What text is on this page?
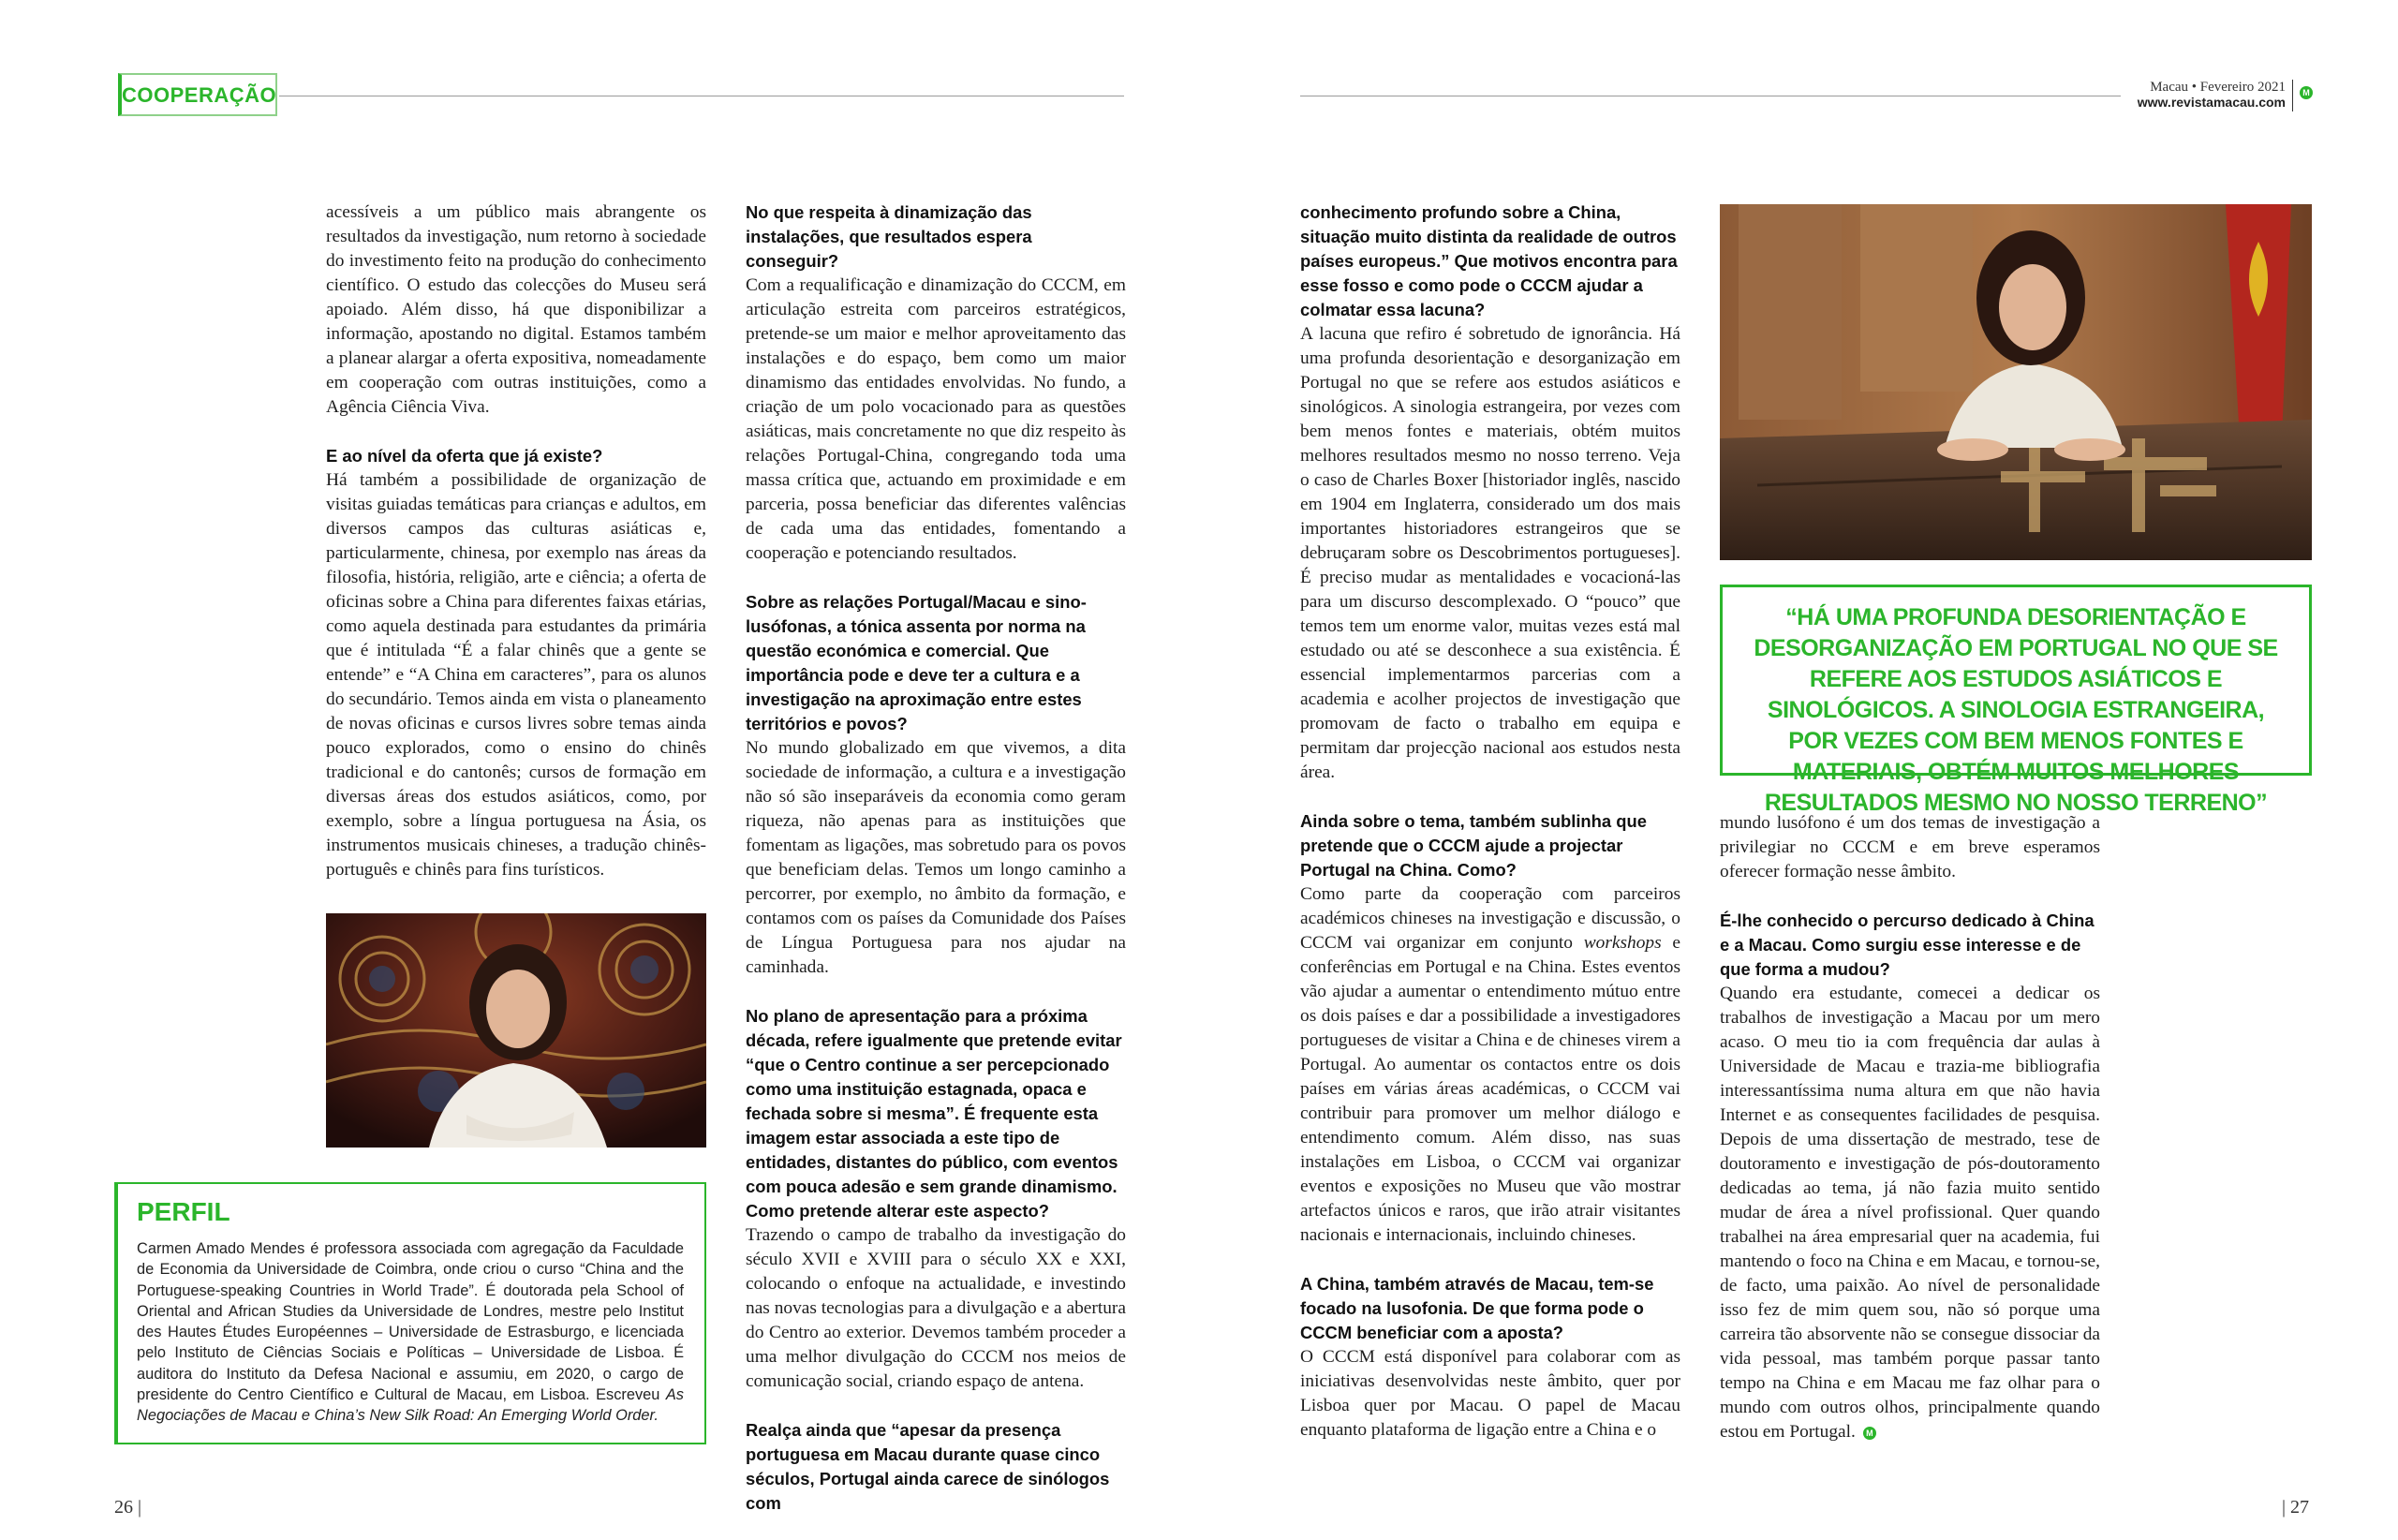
COOPERAÇÃO	Macau • Fevereiro 2021
www.revistamacau.com
M

acessíveis a um público mais abrangente os resultados da investigação, num retorno à sociedade do investimento feito na produção do conhecimento científico. O estudo das colecções do Museu será apoiado. Além disso, há que disponibilizar a informação, apostando no digital. Estamos também a planear alargar a oferta expositiva, nomeadamente em cooperação com outras instituições, como a Agência Ciência Viva.

E ao nível da oferta que já existe?

Há também a possibilidade de organização de visitas guiadas temáticas para crianças e adultos, em diversos campos das culturas asiáticas e, particularmente, chinesa, por exemplo nas áreas da filosofia, história, religião, arte e ciência; a oferta de oficinas sobre a China para diferentes faixas etárias, como aquela destinada para estudantes da primária que é intitulada “É a falar chinês que a gente se entende” e “A China em caracteres”, para os alunos do secundário. Temos ainda em vista o planeamento de novas oficinas e cursos livres sobre temas ainda pouco explorados, como o ensino do chinês tradicional e do cantonês; cursos de formação em diversas áreas dos estudos asiáticos, como, por exemplo, sobre a língua portuguesa na Ásia, os instrumentos musicais chineses, a tradução chinês-português e chinês para fins turísticos.

No que respeita à dinamização das instalações, que resultados espera conseguir?

Com a requalificação e dinamização do CCCM, em articulação estreita com parceiros estratégicos, pretende-se um maior e melhor aproveitamento das instalações e do espaço, bem como um maior dinamismo das entidades envolvidas. No fundo, a criação de um polo vocacionado para as questões asiáticas, mais concretamente no que diz respeito às relações Portugal-China, congregando toda uma massa crítica que, actuando em proximidade e em parceria, possa beneficiar das diferentes valências de cada uma das entidades, fomentando a cooperação e potenciando resultados.

Sobre as relações Portugal/Macau e sino-lusófonas, a tónica assenta por norma na questão económica e comercial. Que importância pode e deve ter a cultura e a investigação na aproximação entre estes territórios e povos?

No mundo globalizado em que vivemos, a dita sociedade de informação, a cultura e a investigação não só são inseparáveis da economia como geram riqueza, não apenas para as instituições que fomentam as ligações, mas sobretudo para os povos que beneficiam delas. Temos um longo caminho a percorrer, por exemplo, no âmbito da formação, e contamos com os países da Comunidade dos Países de Língua Portuguesa para nos ajudar na caminhada.

No plano de apresentação para a próxima década, refere igualmente que pretende evitar “que o Centro continue a ser percepcionado como uma instituição estagnada, opaca e fechada sobre si mesma”. É frequente esta imagem estar associada a este tipo de entidades, distantes do público, com eventos com pouca adesão e sem grande dinamismo. Como pretende alterar este aspecto?

Trazendo o campo de trabalho da investigação do século XVII e XVIII para o século XX e XXI, colocando o enfoque na actualidade, e investindo nas novas tecnologias para a divulgação e a abertura do Centro ao exterior. Devemos também proceder a uma melhor divulgação do CCCM nos meios de comunicação social, criando espaço de antena.

Realça ainda que “apesar da presença portuguesa em Macau durante quase cinco séculos, Portugal ainda carece de sinólogos com

conhecimento profundo sobre a China, situação muito distinta da realidade de outros países europeus.” Que motivos encontra para esse fosso e como pode o CCCM ajudar a colmatar essa lacuna?

A lacuna que refiro é sobretudo de ignorância. Há uma profunda desorientação e desorganização em Portugal no que se refere aos estudos asiáticos e sinológicos. A sinologia estrangeira, por vezes com bem menos fontes e materiais, obtém muitos melhores resultados mesmo no nosso terreno. Veja o caso de Charles Boxer [historiador inglês, nascido em 1904 em Inglaterra, considerado um dos mais importantes historiadores estrangeiros que se debruçaram sobre os Descobrimentos portugueses]. É preciso mudar as mentalidades e vocacioná-las para um discurso descomplexado. O “pouco” que temos tem um enorme valor, muitas vezes está mal estudado ou até se desconhece a sua existência. É essencial implementarmos parcerias com a academia e acolher projectos de investigação que promovam de facto o trabalho em equipa e permitam dar projecção nacional aos estudos nesta área.

Ainda sobre o tema, também sublinha que pretende que o CCCM ajude a projectar Portugal na China. Como?

Como parte da cooperação com parceiros académicos chineses na investigação e discussão, o CCCM vai organizar em conjunto workshops e conferências em Portugal e na China. Estes eventos vão ajudar a aumentar o entendimento mútuo entre os dois países e dar a possibilidade a investigadores portugueses de visitar a China e de chineses virem a Portugal. Ao aumentar os contactos entre os dois países em várias áreas académicas, o CCCM vai contribuir para promover um melhor diálogo e entendimento comum. Além disso, nas suas instalações em Lisboa, o CCCM vai organizar eventos e exposições no Museu que vão mostrar artefactos únicos e raros, que irão atrair visitantes nacionais e internacionais, incluindo chineses.

A China, também através de Macau, tem-se focado na lusofonia. De que forma pode o CCCM beneficiar com a aposta?

O CCCM está disponível para colaborar com as iniciativas desenvolvidas neste âmbito, quer por Lisboa quer por Macau. O papel de Macau enquanto plataforma de ligação entre a China e o

“HÁ UMA PROFUNDA DESORIENTAÇÃO E DESORGANIZAÇÃO EM PORTUGAL NO QUE SE REFERE AOS ESTUDOS ASIÁTICOS E SINOLÓGICOS. A SINOLOGIA ESTRANGEIRA, POR VEZES COM BEM MENOS FONTES E MATERIAIS, OBTÉM MUITOS MELHORES RESULTADOS MESMO NO NOSSO TERRENO”

mundo lusófono é um dos temas de investigação a privilegiar no CCCM e em breve esperamos oferecer formação nesse âmbito.

É-lhe conhecido o percurso dedicado à China e a Macau. Como surgiu esse interesse e de que forma a mudou?

Quando era estudante, comecei a dedicar os trabalhos de investigação a Macau por um mero acaso. O meu tio ia com frequência dar aulas à Universidade de Macau e trazia-me bibliografia interessantíssima numa altura em que não havia Internet e as consequentes facilidades de pesquisa. Depois de uma dissertação de mestrado, tese de doutoramento e investigação de pós-doutoramento dedicadas ao tema, já não fazia muito sentido mudar de área a nível profissional. Quer quando trabalhei na área empresarial quer na academia, fui mantendo o foco na China e em Macau, e tornou-se, de facto, uma paixão. Ao nível de personalidade isso fez de mim quem sou, não só porque uma carreira tão absorvente não se consegue dissociar da vida pessoal, mas também porque passar tanto tempo na China e em Macau me faz olhar para o mundo com outros olhos, principalmente quando estou em Portugal. M

PERFIL

Carmen Amado Mendes é professora associada com agregação da Faculdade de Economia da Universidade de Coimbra, onde criou o curso “China and the Portuguese-speaking Countries in World Trade”. É doutorada pela School of Oriental and African Studies da Universidade de Londres, mestre pelo Institut des Hautes Études Européennes – Universidade de Estrasburgo, e licenciada pelo Instituto de Ciências Sociais e Políticas – Universidade de Lisboa. É auditora do Instituto da Defesa Nacional e assumiu, em 2020, o cargo de presidente do Centro Científico e Cultural de Macau, em Lisboa. Escreveu As Negociações de Macau e China’s New Silk Road: An Emerging World Order.

26 |	| 27
